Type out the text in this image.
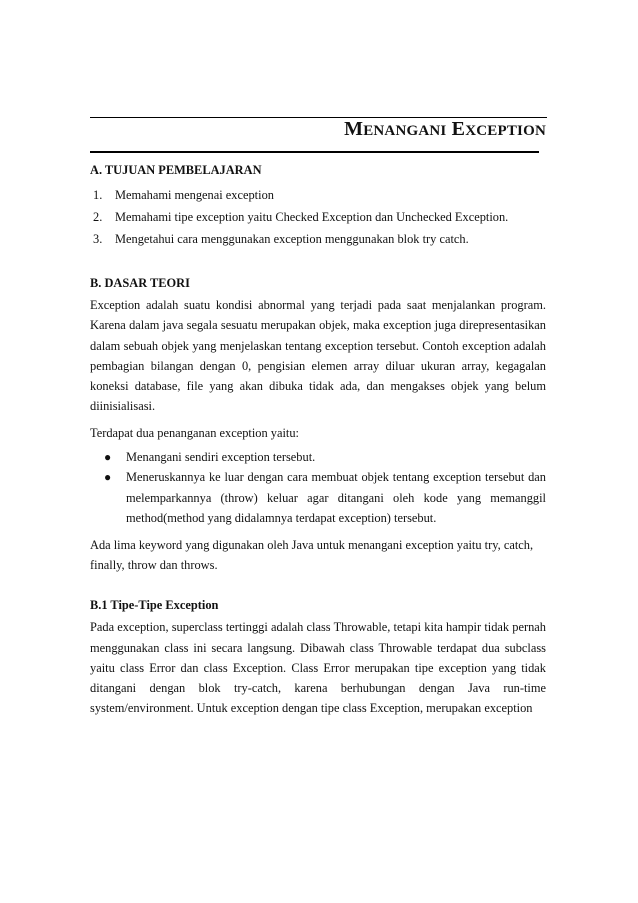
MENANGANI EXCEPTION
A. TUJUAN PEMBELAJARAN
1.	Memahami mengenai exception
2.	Memahami tipe exception yaitu Checked Exception dan Unchecked Exception.
3.	Mengetahui cara menggunakan exception menggunakan blok try catch.
B. DASAR TEORI

Exception adalah suatu kondisi abnormal yang terjadi pada saat menjalankan program. Karena dalam java segala sesuatu merupakan objek, maka exception juga direpresentasikan dalam sebuah objek yang menjelaskan tentang exception tersebut. Contoh exception adalah pembagian bilangan dengan 0, pengisian elemen array diluar ukuran array, kegagalan koneksi database, file yang akan dibuka tidak ada, dan mengakses objek yang belum diinisialisasi.

Terdapat dua penanganan exception yaitu:

●	Menangani sendiri exception tersebut.
●	Meneruskannya ke luar dengan cara membuat objek tentang exception tersebut dan melemparkannya (throw) keluar agar ditangani oleh kode yang memanggil method(method yang didalamnya terdapat exception) tersebut.

Ada lima keyword yang digunakan oleh Java untuk menangani exception yaitu try, catch, finally, throw dan throws.

B.1 Tipe-Tipe Exception

Pada exception, superclass tertinggi adalah class Throwable, tetapi kita hampir tidak pernah menggunakan class ini secara langsung. Dibawah class Throwable terdapat dua subclass yaitu class Error dan class Exception. Class Error merupakan tipe exception yang tidak ditangani dengan blok try-catch, karena berhubungan dengan Java run-time system/environment. Untuk exception dengan tipe class Exception, merupakan exception
